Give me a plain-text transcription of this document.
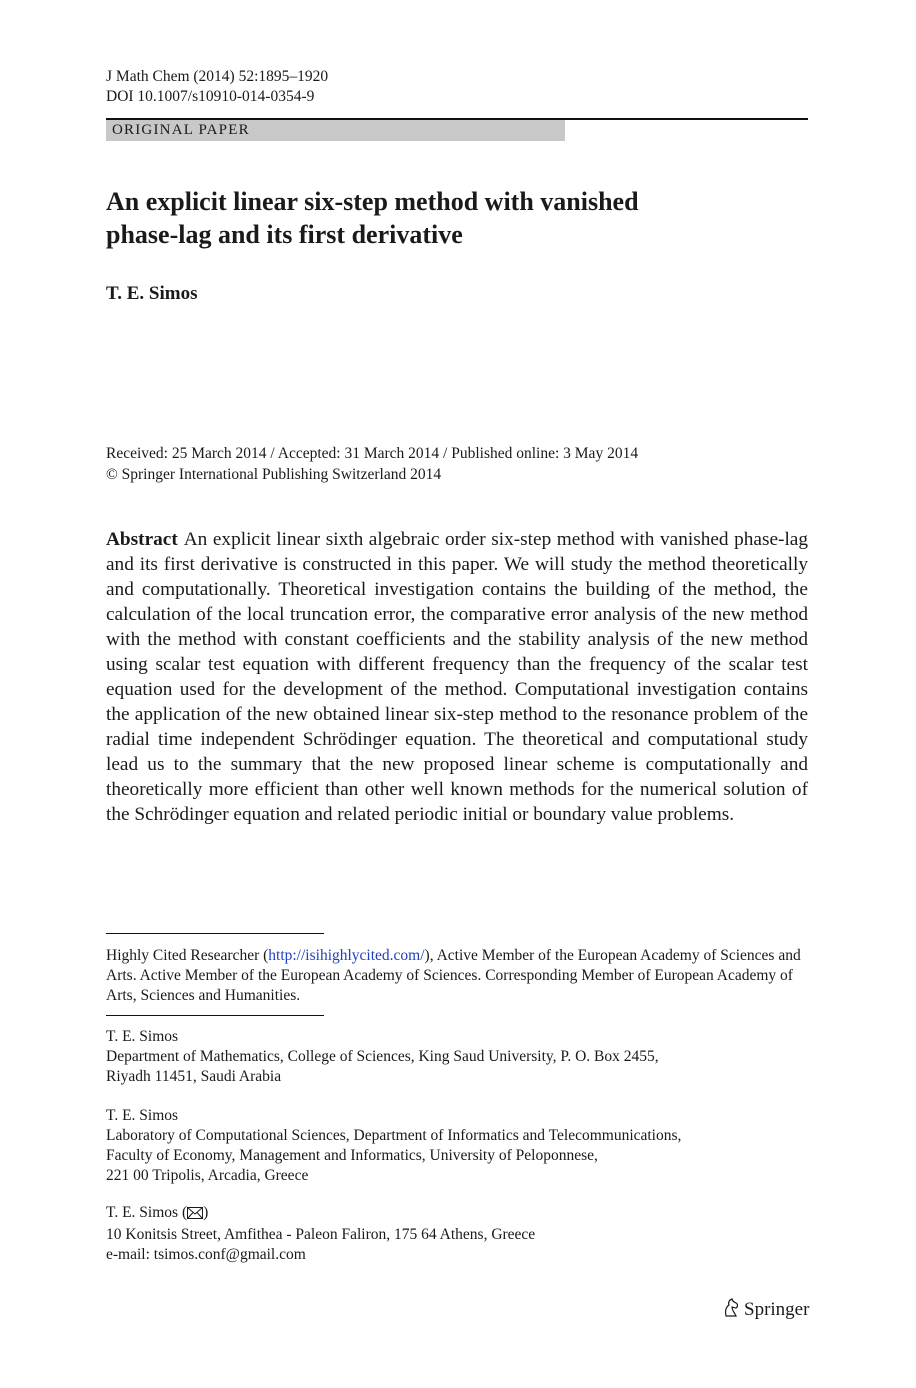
J Math Chem (2014) 52:1895–1920
DOI 10.1007/s10910-014-0354-9
ORIGINAL PAPER
An explicit linear six-step method with vanished
phase-lag and its first derivative
T. E. Simos
Received: 25 March 2014 / Accepted: 31 March 2014 / Published online: 3 May 2014
© Springer International Publishing Switzerland 2014
Abstract An explicit linear sixth algebraic order six-step method with vanished phase-lag and its first derivative is constructed in this paper. We will study the method theoretically and computationally. Theoretical investigation contains the building of the method, the calculation of the local truncation error, the comparative error analysis of the new method with the method with constant coefficients and the stability analysis of the new method using scalar test equation with different frequency than the frequency of the scalar test equation used for the development of the method. Computational investigation contains the application of the new obtained linear six-step method to the resonance problem of the radial time independent Schrödinger equation. The theoretical and computational study lead us to the summary that the new proposed linear scheme is computationally and theoretically more efficient than other well known methods for the numerical solution of the Schrödinger equation and related periodic initial or boundary value problems.
Highly Cited Researcher (http://isihighlycited.com/), Active Member of the European Academy of Sciences and Arts. Active Member of the European Academy of Sciences. Corresponding Member of European Academy of Arts, Sciences and Humanities.
T. E. Simos
Department of Mathematics, College of Sciences, King Saud University, P. O. Box 2455,
Riyadh 11451, Saudi Arabia
T. E. Simos
Laboratory of Computational Sciences, Department of Informatics and Telecommunications,
Faculty of Economy, Management and Informatics, University of Peloponnese,
221 00 Tripolis, Arcadia, Greece
T. E. Simos ( )
10 Konitsis Street, Amfithea - Paleon Faliron, 175 64 Athens, Greece
e-mail: tsimos.conf@gmail.com
Springer
